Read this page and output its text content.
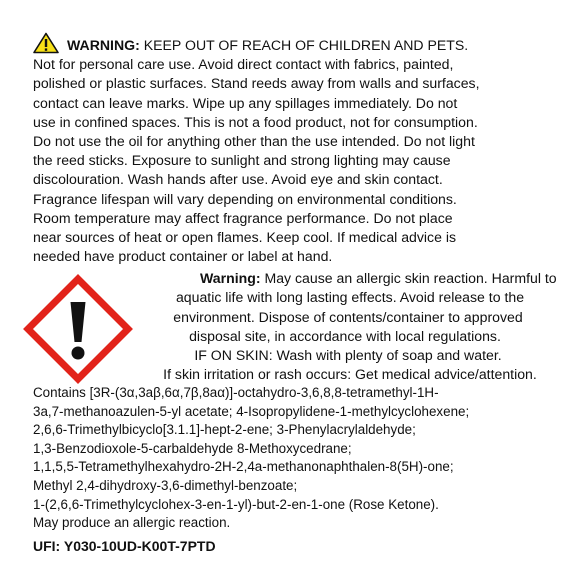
WARNING: KEEP OUT OF REACH OF CHILDREN AND PETS.
Not for personal care use. Avoid direct contact with fabrics, painted,
polished or plastic surfaces. Stand reeds away from walls and surfaces,
contact can leave marks. Wipe up any spillages immediately. Do not
use in confined spaces. This is not a food product, not for consumption.
Do not use the oil for anything other than the use intended. Do not light
the reed sticks. Exposure to sunlight and strong lighting may cause
discolouration. Wash hands after use. Avoid eye and skin contact.
Fragrance lifespan will vary depending on environmental conditions.
Room temperature may affect fragrance performance. Do not place
near sources of heat or open flames. Keep cool. If medical advice is
needed have product container or label at hand.
Warning: May cause an allergic skin reaction. Harmful to
aquatic life with long lasting effects. Avoid release to the
environment. Dispose of contents/container to approved
disposal site, in accordance with local regulations.
IF ON SKIN: Wash with plenty of soap and water.
If skin irritation or rash occurs: Get medical advice/attention.
Contains [3R-(3α,3aβ,6α,7β,8aα)]-octahydro-3,6,8,8-tetramethyl-1H-
3a,7-methanoazulen-5-yl acetate; 4-Isopropylidene-1-methylcyclohexene;
2,6,6-Trimethylbicyclo[3.1.1]-hept-2-ene; 3-Phenylacrylaldehyde;
1,3-Benzodioxole-5-carbaldehyde 8-Methoxycedrane;
1,1,5,5-Tetramethylhexahydro-2H-2,4a-methanonaphthalen-8(5H)-one;
Methyl 2,4-dihydroxy-3,6-dimethyl-benzoate;
1-(2,6,6-Trimethylcyclohex-3-en-1-yl)-but-2-en-1-one (Rose Ketone).
May produce an allergic reaction.
UFI: Y030-10UD-K00T-7PTD
